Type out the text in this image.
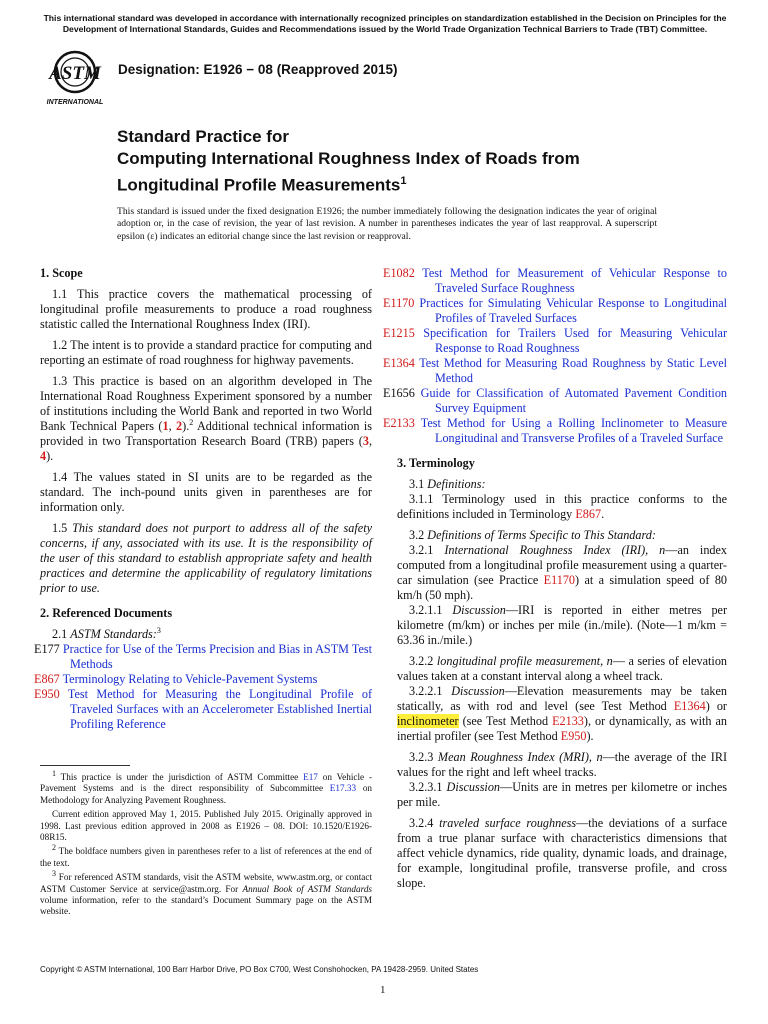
This international standard was developed in accordance with internationally recognized principles on standardization established in the Decision on Principles for the Development of International Standards, Guides and Recommendations issued by the World Trade Organization Technical Barriers to Trade (TBT) Committee.
ASTM
INTERNATIONAL
Designation: E1926 − 08 (Reapproved 2015)
Standard Practice for
Computing International Roughness Index of Roads from
Longitudinal Profile Measurements$^1$
This standard is issued under the fixed designation E1926; the number immediately following the designation indicates the year of original adoption or, in the case of revision, the year of last revision. A number in parentheses indicates the year of last reapproval. A superscript epsilon (ε) indicates an editorial change since the last revision or reapproval.
1. Scope

1.1 This practice covers the mathematical processing of longitudinal profile measurements to produce a road roughness statistic called the International Roughness Index (IRI).

1.2 The intent is to provide a standard practice for computing and reporting an estimate of road roughness for highway pavements.

1.3 This practice is based on an algorithm developed in The International Road Roughness Experiment sponsored by a number of institutions including the World Bank and reported in two World Bank Technical Papers (1, 2).$^2$ Additional technical information is provided in two Transportation Research Board (TRB) papers (3, 4).

1.4 The values stated in SI units are to be regarded as the standard. The inch-pound units given in parentheses are for information only.

1.5 This standard does not purport to address all of the safety concerns, if any, associated with its use. It is the responsibility of the user of this standard to establish appropriate safety and health practices and determine the applicability of regulatory limitations prior to use.

2. Referenced Documents

2.1 ASTM Standards:$^3$

E177 Practice for Use of the Terms Precision and Bias in ASTM Test Methods
E867 Terminology Relating to Vehicle-Pavement Systems
E950 Test Method for Measuring the Longitudinal Profile of Traveled Surfaces with an Accelerometer Established Inertial Profiling Reference

$^1$ This practice is under the jurisdiction of ASTM Committee E17 on Vehicle - Pavement Systems and is the direct responsibility of Subcommittee E17.33 on Methodology for Analyzing Pavement Roughness.

Current edition approved May 1, 2015. Published July 2015. Originally approved in 1998. Last previous edition approved in 2008 as E1926 – 08. DOI: 10.1520/E1926-08R15.

$^2$ The boldface numbers given in parentheses refer to a list of references at the end of the text.

$^3$ For referenced ASTM standards, visit the ASTM website, www.astm.org, or contact ASTM Customer Service at service@astm.org. For Annual Book of ASTM Standards volume information, refer to the standard’s Document Summary page on the ASTM website.

E1082 Test Method for Measurement of Vehicular Response to Traveled Surface Roughness
E1170 Practices for Simulating Vehicular Response to Longitudinal Profiles of Traveled Surfaces
E1215 Specification for Trailers Used for Measuring Vehicular Response to Road Roughness
E1364 Test Method for Measuring Road Roughness by Static Level Method
E1656 Guide for Classification of Automated Pavement Condition Survey Equipment
E2133 Test Method for Using a Rolling Inclinometer to Measure Longitudinal and Transverse Profiles of a Traveled Surface
3. Terminology

3.1 Definitions:

3.1.1 Terminology used in this practice conforms to the definitions included in Terminology E867.

3.2 Definitions of Terms Specific to This Standard:

3.2.1 International Roughness Index (IRI), n—an index computed from a longitudinal profile measurement using a quarter-car simulation (see Practice E1170) at a simulation speed of 80 km/h (50 mph).

3.2.1.1 Discussion—IRI is reported in either metres per kilometre (m/km) or inches per mile (in./mile). (Note—1 m/km = 63.36 in./mile.)

3.2.2 longitudinal profile measurement, n— a series of elevation values taken at a constant interval along a wheel track.

3.2.2.1 Discussion—Elevation measurements may be taken statically, as with rod and level (see Test Method E1364) or inclinometer (see Test Method E2133), or dynamically, as with an inertial profiler (see Test Method E950).

3.2.3 Mean Roughness Index (MRI), n—the average of the IRI values for the right and left wheel tracks.

3.2.3.1 Discussion—Units are in metres per kilometre or inches per mile.

3.2.4 traveled surface roughness—the deviations of a surface from a true planar surface with characteristics dimensions that affect vehicle dynamics, ride quality, dynamic loads, and drainage, for example, longitudinal profile, transverse profile, and cross slope.

Copyright © ASTM International, 100 Barr Harbor Drive, PO Box C700, West Conshohocken, PA 19428-2959. United States
1
